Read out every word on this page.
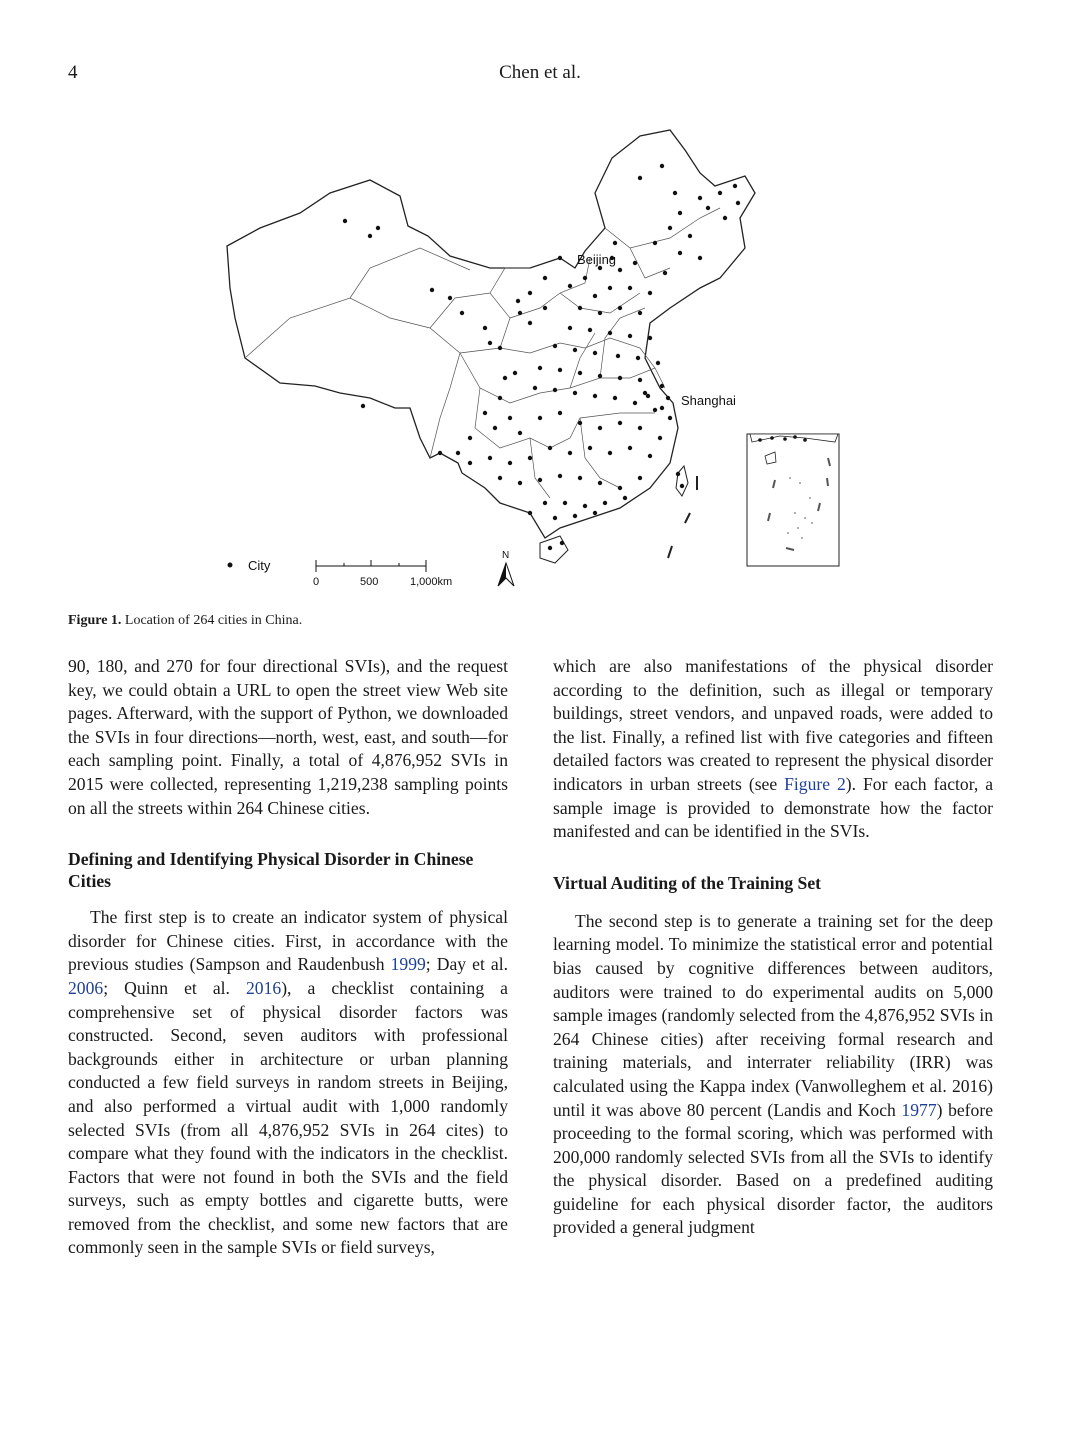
4	Chen et al.
Beijing
Shanghai
City
0	500	1,000km
N
Figure 1. Location of 264 cities in China.

90, 180, and 270 for four directional SVIs), and the request key, we could obtain a URL to open the street view Web site pages. Afterward, with the support of Python, we downloaded the SVIs in four directions—north, west, east, and south—for each sampling point. Finally, a total of 4,876,952 SVIs in 2015 were collected, representing 1,219,238 sampling points on all the streets within 264 Chinese cities.

Defining and Identifying Physical Disorder in Chinese Cities

The first step is to create an indicator system of physical disorder for Chinese cities. First, in accordance with the previous studies (Sampson and Raudenbush 1999; Day et al. 2006; Quinn et al. 2016), a checklist containing a comprehensive set of physical disorder factors was constructed. Second, seven auditors with professional backgrounds either in architecture or urban planning conducted a few field surveys in random streets in Beijing, and also performed a virtual audit with 1,000 randomly selected SVIs (from all 4,876,952 SVIs in 264 cites) to compare what they found with the indicators in the checklist. Factors that were not found in both the SVIs and the field surveys, such as empty bottles and cigarette butts, were removed from the checklist, and some new factors that are commonly seen in the sample SVIs or field surveys,

which are also manifestations of the physical disorder according to the definition, such as illegal or temporary buildings, street vendors, and unpaved roads, were added to the list. Finally, a refined list with five categories and fifteen detailed factors was created to represent the physical disorder indicators in urban streets (see Figure 2). For each factor, a sample image is provided to demonstrate how the factor manifested and can be identified in the SVIs.

Virtual Auditing of the Training Set

The second step is to generate a training set for the deep learning model. To minimize the statistical error and potential bias caused by cognitive differences between auditors, auditors were trained to do experimental audits on 5,000 sample images (randomly selected from the 4,876,952 SVIs in 264 Chinese cities) after receiving formal research and training materials, and interrater reliability (IRR) was calculated using the Kappa index (Vanwolleghem et al. 2016) until it was above 80 percent (Landis and Koch 1977) before proceeding to the formal scoring, which was performed with 200,000 randomly selected SVIs from all the SVIs to identify the physical disorder. Based on a predefined auditing guideline for each physical disorder factor, the auditors provided a general judgment
